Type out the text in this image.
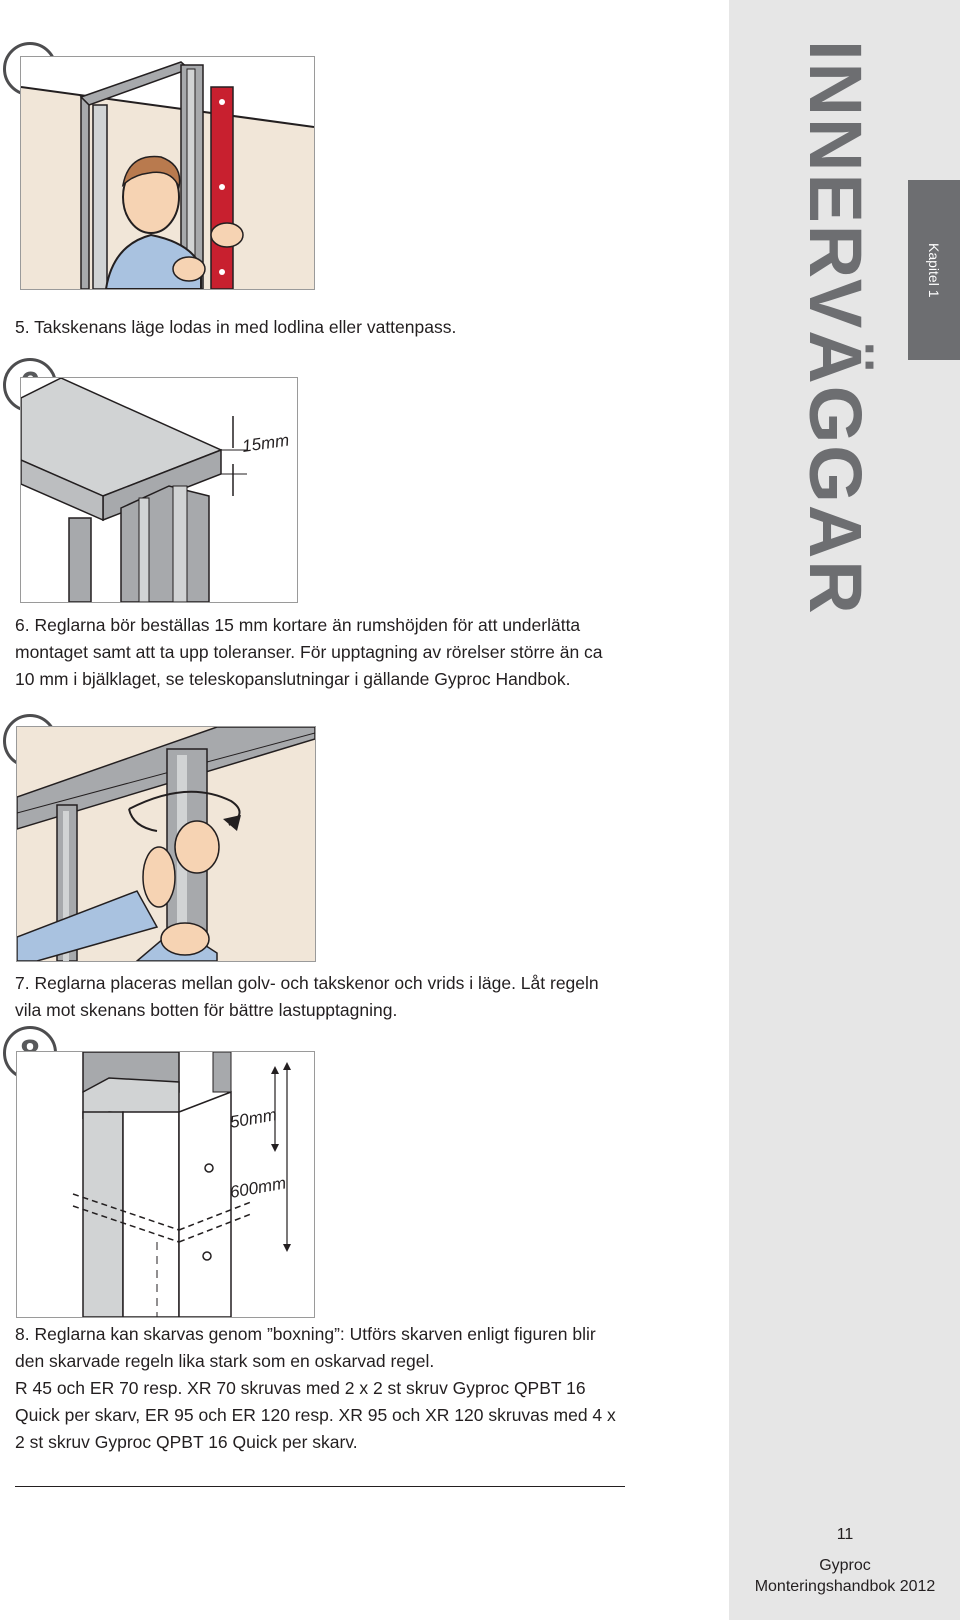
INNERVÄGGAR	Kapitel 1

5. Takskenans läge lodas in med lodlina eller vattenpass.

15mm

6. Reglarna bör beställas 15 mm kortare än rumshöjden för att underlätta montaget samt att ta upp toleranser. För upptagning av rörelser större än ca 10 mm i bjälklaget, se teleskopanslutningar i gällande Gyproc Handbok.

7. Reglarna placeras mellan golv- och takskenor och vrids i läge. Låt regeln vila mot skenans botten för bättre lastupptagning.

50mm
600mm

8. Reglarna kan skarvas genom ”boxning”: Utförs skarven enligt figuren blir den skarvade regeln lika stark som en oskarvad regel.

R 45 och ER 70 resp. XR 70 skruvas med 2 x 2 st skruv Gyproc QPBT 16 Quick per skarv, ER 95 och ER 120 resp. XR 95 och XR 120 skruvas med 4 x 2 st skruv Gyproc QPBT 16 Quick per skarv.

11
Gyproc
Monteringshandbok 2012
